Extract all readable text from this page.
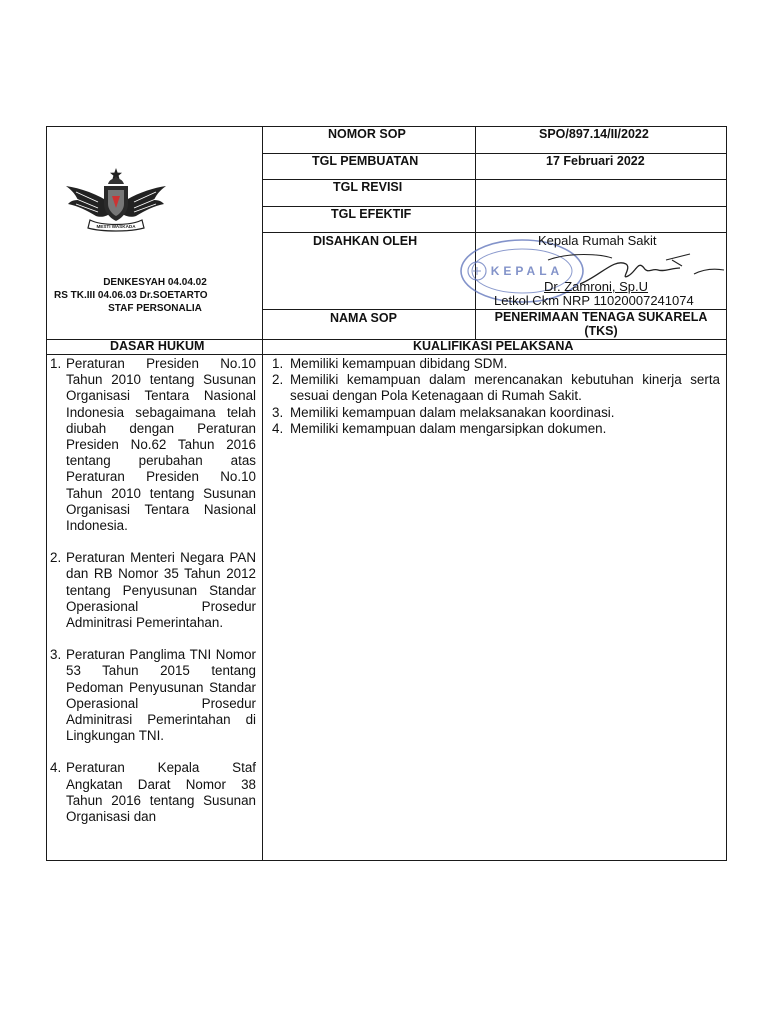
MESTI WASKADA
DENKESYAH 04.04.02
RS TK.III 04.06.03 Dr.SOETARTO
STAF PERSONALIA
NOMOR SOP
TGL PEMBUATAN
TGL REVISI
TGL EFEKTIF
DISAHKAN OLEH
NAMA SOP
SPO/897.14/II/2022
17 Februari 2022
PENERIMAAN TENAGA SUKARELA (TKS)
KEPALA
Kepala Rumah Sakit
Dr. Zamroni, Sp.U
Letkol Ckm NRP 11020007241074
DASAR HUKUM	KUALIFIKASI PELAKSANA
1. Peraturan Presiden No.10 Tahun 2010 tentang Susunan Organisasi Tentara Nasional Indonesia sebagaimana telah diubah dengan Peraturan Presiden No.62 Tahun 2016 tentang perubahan atas Peraturan Presiden No.10 Tahun 2010 tentang Susunan Organisasi Tentara Nasional Indonesia.
2. Peraturan Menteri Negara PAN dan RB Nomor 35 Tahun 2012 tentang Penyusunan Standar Operasional Prosedur Adminitrasi Pemerintahan.
3. Peraturan Panglima TNI Nomor 53 Tahun 2015 tentang Pedoman Penyusunan Standar Operasional Prosedur Adminitrasi Pemerintahan di Lingkungan TNI.
4. Peraturan Kepala Staf Angkatan Darat Nomor 38 Tahun 2016 tentang Susunan Organisasi dan
1. Memiliki kemampuan dibidang SDM.
2. Memiliki kemampuan dalam merencanakan kebutuhan kinerja serta sesuai dengan Pola Ketenagaan di Rumah Sakit.
3. Memiliki kemampuan dalam melaksanakan koordinasi.
4. Memiliki kemampuan dalam mengarsipkan dokumen.
